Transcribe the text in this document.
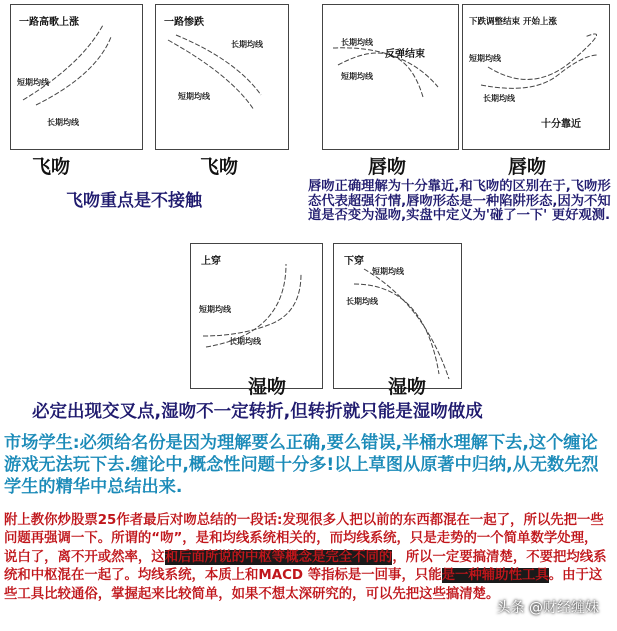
一路高歌上涨
短期均线
长期均线
一路惨跌
长期均线
短期均线
长期均线
反弹结束
短期均线
下跌调整结束 开始上涨
短期均线
长期均线
十分靠近
飞吻	飞吻	唇吻	唇吻
飞吻重点是不接触
唇吻正确理解为十分靠近,和飞吻的区别在于,飞吻形态代表超强行情,唇吻形态是一种陷阱形态,因为不知道是否变为湿吻,实盘中定义为'碰了一下' 更好观测.
上穿
短期均线
长期均线
下穿
短期均线
长期均线
湿吻	湿吻
必定出现交叉点,湿吻不一定转折,但转折就只能是湿吻做成
市场学生:必须给名份是因为理解要么正确,要么错误,半桶水理解下去,这个缠论游戏无法玩下去.缠论中,概念性问题十分多!以上草图从原著中归纳,从无数先烈学生的精华中总结出来.
附上教你炒股票25作者最后对吻总结的一段话:发现很多人把以前的东西都混在一起了，所以先把一些问题再强调一下。所谓的“吻”，是和均线系统相关的，而均线系统，只是走势的一个简单数学处理，说白了，离不开或然率，这和后面所说的中枢等概念是完全不同的，所以一定要搞清楚，不要把均线系统和中枢混在一起了。均线系统，本质上和MACD 等指标是一回事，只能是一种辅助性工具。由于这些工具比较通俗，掌握起来比较简单，如果不想太深研究的，可以先把这些搞清楚。
头条 @财经缠妹
